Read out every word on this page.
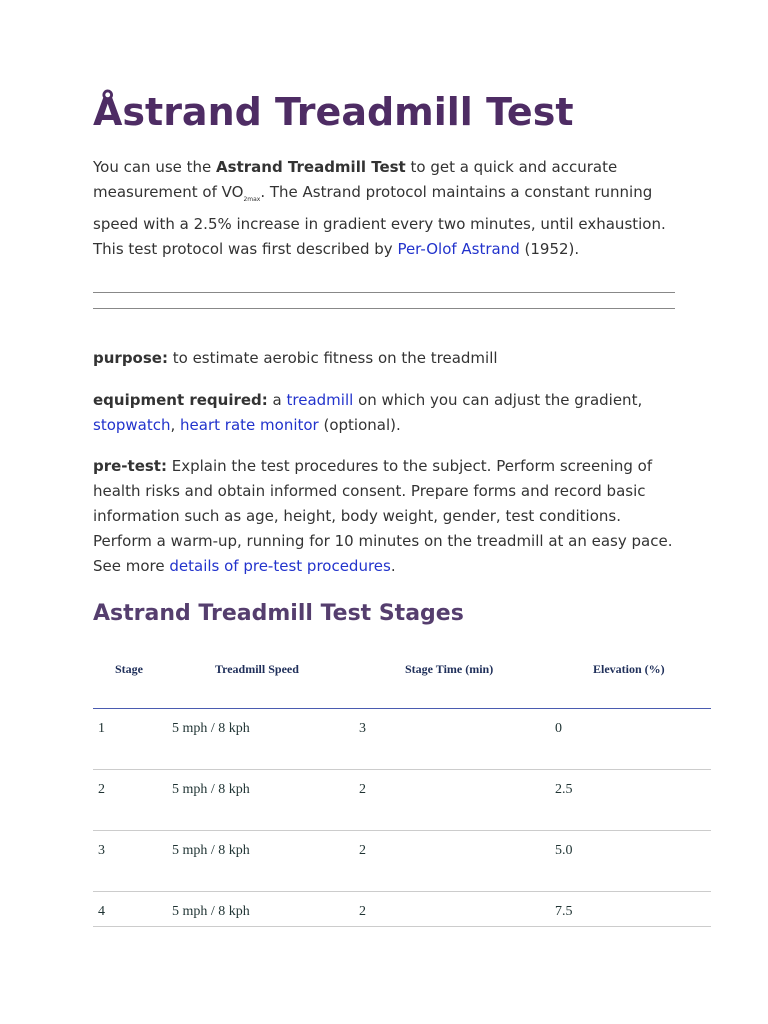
Åstrand Treadmill Test

You can use the Astrand Treadmill Test to get a quick and accurate measurement of $VO_{2max}$. The Astrand protocol maintains a constant running speed with a 2.5% increase in gradient every two minutes, until exhaustion. This test protocol was first described by Per-Olof Astrand (1952).

purpose: to estimate aerobic fitness on the treadmill

equipment required: a treadmill on which you can adjust the gradient, stopwatch, heart rate monitor (optional).

pre-test: Explain the test procedures to the subject. Perform screening of health risks and obtain informed consent. Prepare forms and record basic information such as age, height, body weight, gender, test conditions. Perform a warm-up, running for 10 minutes on the treadmill at an easy pace. See more details of pre-test procedures.

Astrand Treadmill Test Stages
Stage	Treadmill Speed	Stage Time (min)	Elevation (%)
1	5 mph / 8 kph	3	0
2	5 mph / 8 kph	2	2.5
3	5 mph / 8 kph	2	5.0
4	5 mph / 8 kph	2	7.5
